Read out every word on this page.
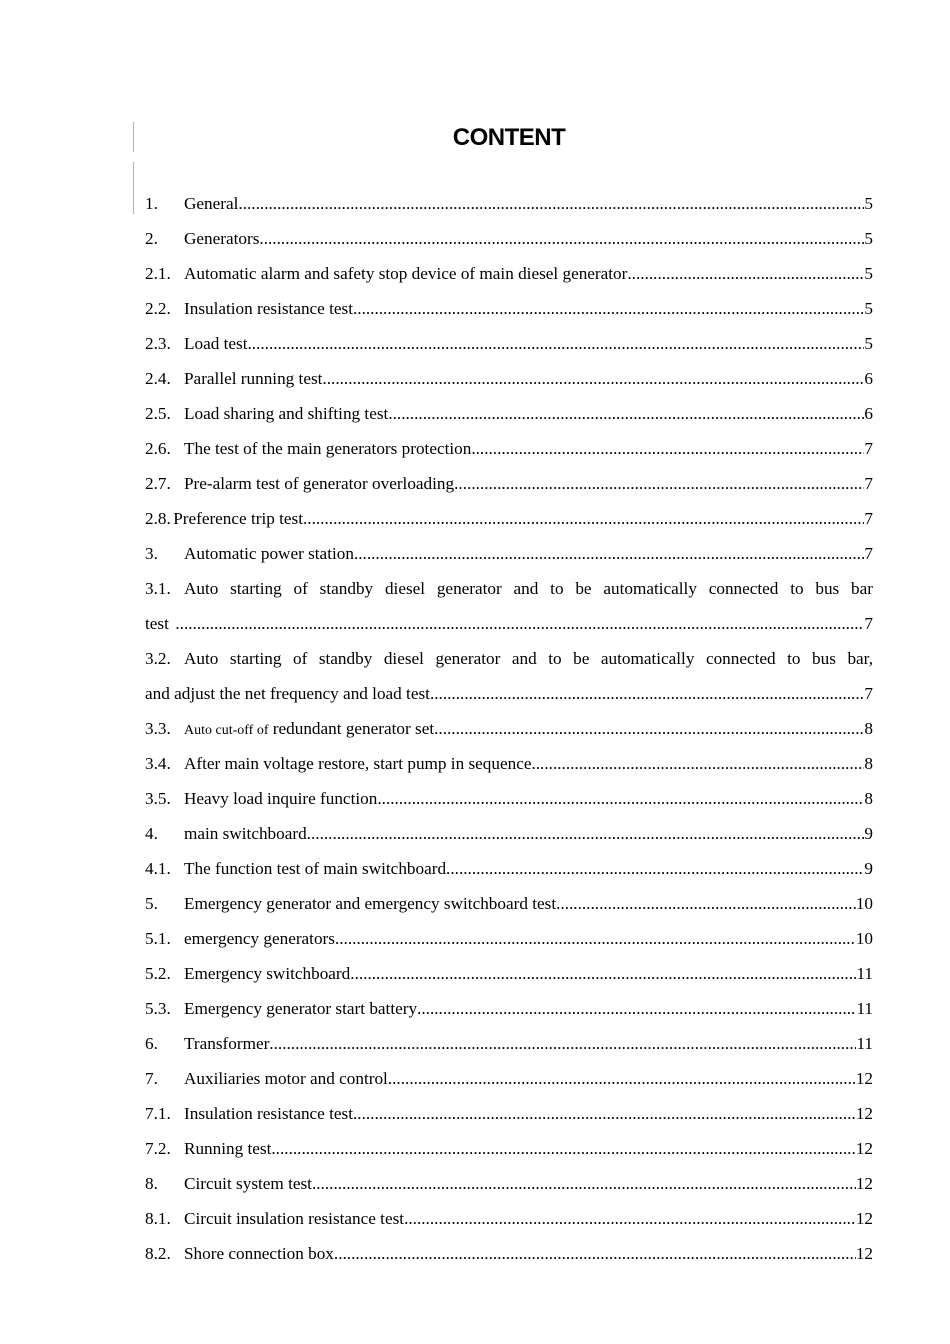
CONTENT
1.	General .....	5
2.	Generators .....	5
2.1. Automatic alarm and safety stop device of main diesel generator .....	5
2.2. Insulation resistance test .....	5
2.3. Load test .....	5
2.4. Parallel running test .....	6
2.5. Load sharing and shifting test .....	6
2.6. The test of the main generators protection .....	7
2.7. Pre-alarm test of generator overloading .....	7
2.8. Preference trip test .....	7
3.	Automatic power station .....	7
3.1. Auto starting of standby diesel generator and to be automatically connected to bus bar
test .....	7
3.2. Auto starting of standby diesel generator and to be automatically connected to bus bar,
and adjust the net frequency and load test .....	7
3.3. Auto cut-off of
redundant generator set .....	8
3.4. After main voltage restore, start pump in sequence .....	8
3.5. Heavy load inquire function .....	8
4.	main switchboard .....	9
4.1. The function test of main switchboard .....	9
5.	Emergency generator and emergency switchboard test .....	10
5.1. emergency generators .....	10
5.2. Emergency switchboard .....	11
5.3. Emergency generator start battery .....	11
6.	Transformer .....	11
7.	Auxiliaries motor and control .....	12
7.1. Insulation resistance test .....	12
7.2. Running test .....	12
8.	Circuit system test .....	12
8.1. Circuit insulation resistance test .....	12
8.2. Shore connection box .....	12
